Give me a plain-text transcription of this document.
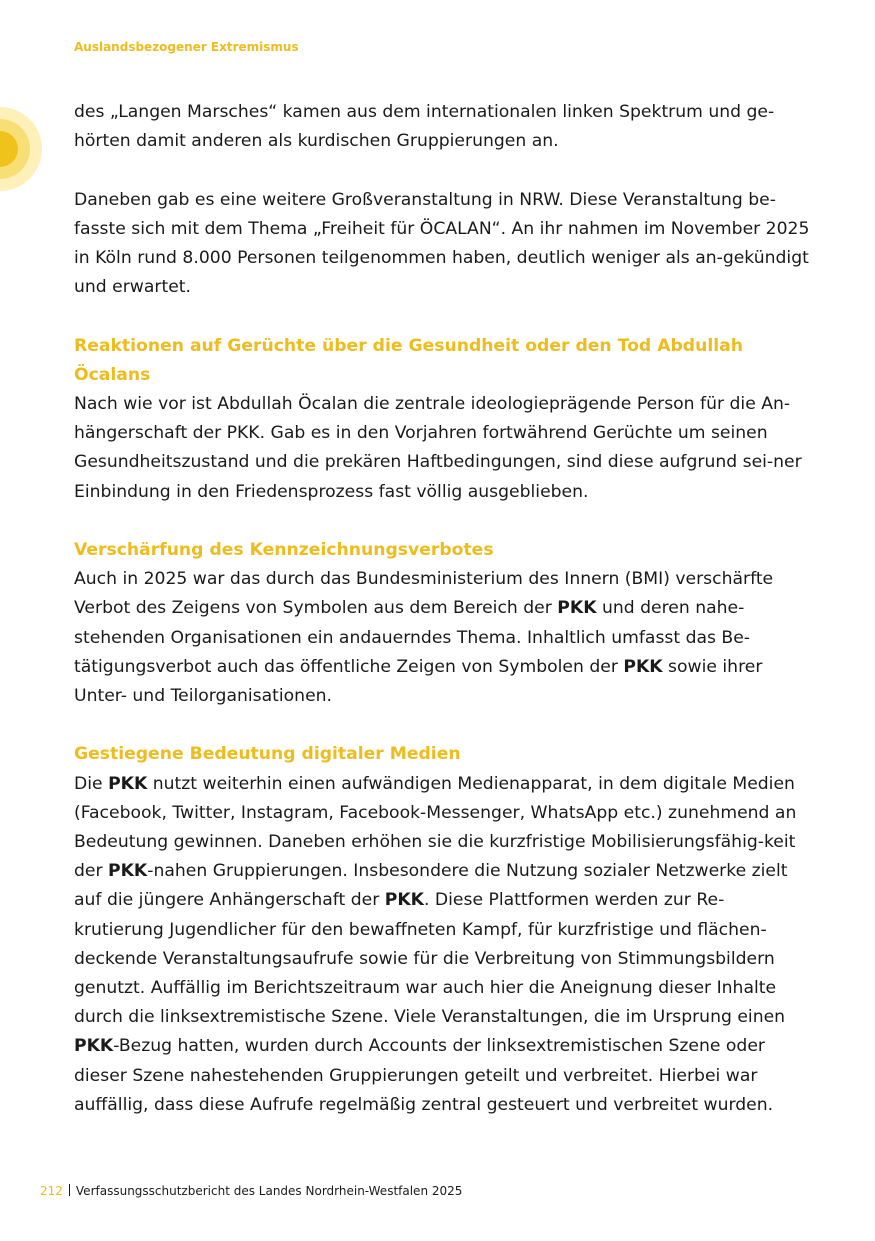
Auslandsbezogener Extremismus

des „Langen Marsches“ kamen aus dem internationalen linken Spektrum und ge-hörten damit anderen als kurdischen Gruppierungen an.

Daneben gab es eine weitere Großveranstaltung in NRW. Diese Veranstaltung be-fasste sich mit dem Thema „Freiheit für ÖCALAN“. An ihr nahmen im November 2025 in Köln rund 8.000 Personen teilgenommen haben, deutlich weniger als an-gekündigt und erwartet.

Reaktionen auf Gerüchte über die Gesundheit oder den Tod Abdullah Öcalans

Nach wie vor ist Abdullah Öcalan die zentrale ideologieprägende Person für die An-hängerschaft der PKK. Gab es in den Vorjahren fortwährend Gerüchte um seinen Gesundheitszustand und die prekären Haftbedingungen, sind diese aufgrund sei-ner Einbindung in den Friedensprozess fast völlig ausgeblieben.

Verschärfung des Kennzeichnungsverbotes

Auch in 2025 war das durch das Bundesministerium des Innern (BMI) verschärfte Verbot des Zeigens von Symbolen aus dem Bereich der PKK und deren nahe-stehenden Organisationen ein andauerndes Thema. Inhaltlich umfasst das Be-tätigungsverbot auch das öffentliche Zeigen von Symbolen der PKK sowie ihrer Unter- und Teilorganisationen.

Gestiegene Bedeutung digitaler Medien

Die PKK nutzt weiterhin einen aufwändigen Medienapparat, in dem digitale Medien (Facebook, Twitter, Instagram, Facebook-Messenger, WhatsApp etc.) zunehmend an Bedeutung gewinnen. Daneben erhöhen sie die kurzfristige Mobilisierungsfähig-keit der PKK-nahen Gruppierungen. Insbesondere die Nutzung sozialer Netzwerke zielt auf die jüngere Anhängerschaft der PKK. Diese Plattformen werden zur Re-krutierung Jugendlicher für den bewaffneten Kampf, für kurzfristige und flächen-deckende Veranstaltungsaufrufe sowie für die Verbreitung von Stimmungsbildern genutzt. Auffällig im Berichtszeitraum war auch hier die Aneignung dieser Inhalte durch die linksextremistische Szene. Viele Veranstaltungen, die im Ursprung einen PKK-Bezug hatten, wurden durch Accounts der linksextremistischen Szene oder dieser Szene nahestehenden Gruppierungen geteilt und verbreitet. Hierbei war auffällig, dass diese Aufrufe regelmäßig zentral gesteuert und verbreitet wurden.

212 Verfassungsschutzbericht des Landes Nordrhein-Westfalen 2025
